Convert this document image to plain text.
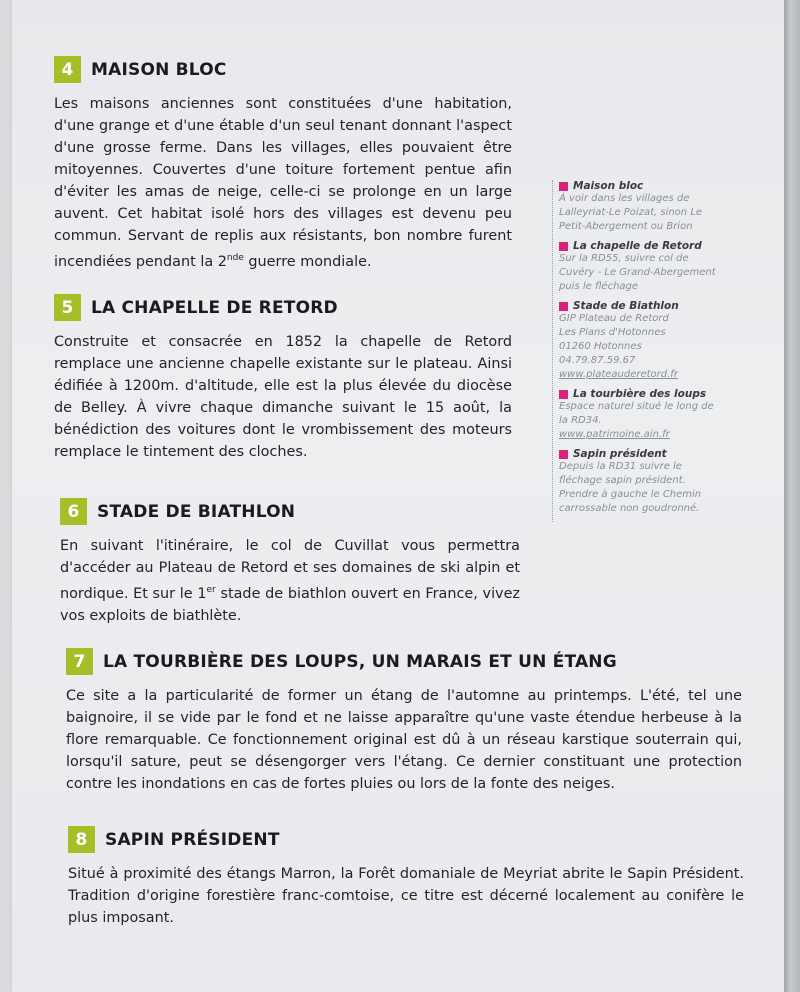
4	MAISON BLOC
Les maisons anciennes sont constituées d'une habitation, d'une grange et d'une étable d'un seul tenant donnant l'aspect d'une grosse ferme. Dans les villages, elles pouvaient être mitoyennes. Couvertes d'une toiture fortement pentue afin d'éviter les amas de neige, celle-ci se prolonge en un large auvent. Cet habitat isolé hors des villages est devenu peu commun. Servant de replis aux résistants, bon nombre furent incendiées pendant la 2nde guerre mondiale.
5	LA CHAPELLE DE RETORD
Construite et consacrée en 1852 la chapelle de Retord remplace une ancienne chapelle existante sur le plateau. Ainsi édifiée à 1200m. d'altitude, elle est la plus élevée du diocèse de Belley. À vivre chaque dimanche suivant le 15 août, la bénédiction des voitures dont le vrombissement des moteurs remplace le tintement des cloches.
6	STADE DE BIATHLON
En suivant l'itinéraire, le col de Cuvillat vous permettra d'accéder au Plateau de Retord et ses domaines de ski alpin et nordique. Et sur le 1er stade de biathlon ouvert en France, vivez vos exploits de biathlète.
7	LA TOURBIÈRE DES LOUPS, UN MARAIS ET UN ÉTANG
Ce site a la particularité de former un étang de l'automne au printemps. L'été, tel une baignoire, il se vide par le fond et ne laisse apparaître qu'une vaste étendue herbeuse à la flore remarquable. Ce fonctionnement original est dû à un réseau karstique souterrain qui, lorsqu'il sature, peut se désengorger vers l'étang. Ce dernier constituant une protection contre les inondations en cas de fortes pluies ou lors de la fonte des neiges.
8	SAPIN PRÉSIDENT
Situé à proximité des étangs Marron, la Forêt domaniale de Meyriat abrite le Sapin Président. Tradition d'origine forestière franc-comtoise, ce titre est décerné localement au conifère le plus imposant.
Maison bloc
À voir dans les villages de
Lalleyriat-Le Poizat, sinon Le
Petit-Abergement ou Brion
La chapelle de Retord
Sur la RD55, suivre col de
Cuvéry - Le Grand-Abergement
puis le fléchage
Stade de Biathlon
GIP Plateau de Retord
Les Plans d'Hotonnes
01260 Hotonnes
04.79.87.59.67
www.plateauderetord.fr
La tourbière des loups
Espace naturel situé le long de
la RD34.
www.patrimoine.ain.fr
Sapin président
Depuis la RD31 suivre le
fléchage sapin président.
Prendre à gauche le Chemin
carrossable non goudronné.
